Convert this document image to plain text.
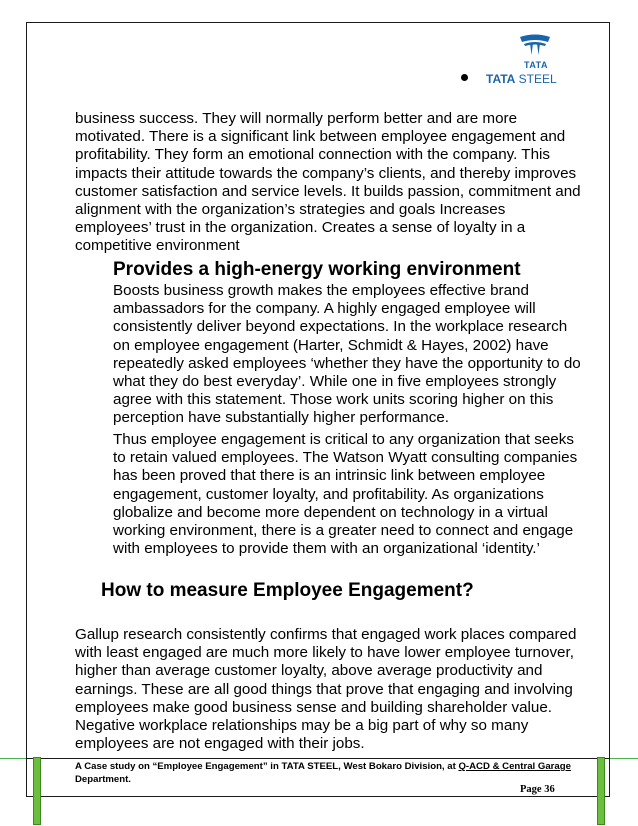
TATA
TATA STEEL

business success. They will normally perform better and are more
motivated. There is a significant link between employee engagement and
profitability. They form an emotional connection with the company. This
impacts their attitude towards the company’s clients, and thereby improves
customer satisfaction and service levels. It builds passion, commitment and
alignment with the organization’s strategies and goals Increases
employees’ trust in the organization. Creates a sense of loyalty in a
competitive environment

Provides a high-energy working environment

Boosts business growth makes the employees effective brand
ambassadors for the company. A highly engaged employee will
consistently deliver beyond expectations. In the workplace research
on employee engagement (Harter, Schmidt & Hayes, 2002) have
repeatedly asked employees ‘whether they have the opportunity to do
what they do best everyday’. While one in five employees strongly
agree with this statement. Those work units scoring higher on this
perception have substantially higher performance.

Thus employee engagement is critical to any organization that seeks
to retain valued employees. The Watson Wyatt consulting companies
has been proved that there is an intrinsic link between employee
engagement, customer loyalty, and profitability. As organizations
globalize and become more dependent on technology in a virtual
working environment, there is a greater need to connect and engage
with employees to provide them with an organizational ‘identity.’

How to measure Employee Engagement?

Gallup research consistently confirms that engaged work places compared
with least engaged are much more likely to have lower employee turnover,
higher than average customer loyalty, above average productivity and
earnings. These are all good things that prove that engaging and involving
employees make good business sense and building shareholder value.
Negative workplace relationships may be a big part of why so many
employees are not engaged with their jobs.

A Case study on “Employee Engagement” in TATA STEEL, West Bokaro Division, at Q-ACD & Central Garage Department.
Page 36
